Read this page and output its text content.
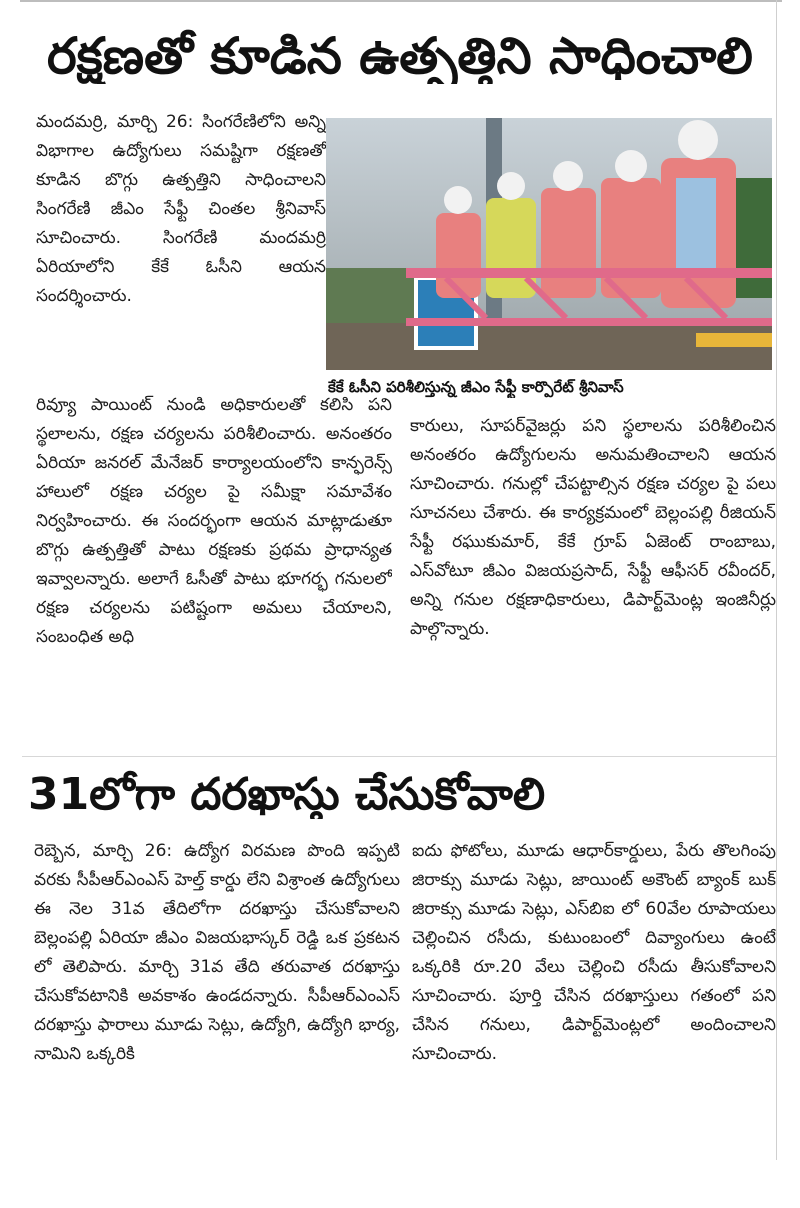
రక్షణతో కూడిన ఉత్పత్తిని సాధించాలి

మందమర్రి, మార్చి 26: సింగరేణిలోని అన్ని విభాగాల ఉద్యోగులు సమష్టిగా రక్షణతో కూడిన బొగ్గు ఉత్పత్తిని సాధించాలని సింగరేణి జీఎం సేఫ్టీ చింతల శ్రీనివాస్ సూచించారు. సింగరేణి మందమర్రి ఏరియాలోని కేకే ఓసీని ఆయన సందర్శించారు.

కేకే ఓసీని పరిశీలిస్తున్న జీఎం సేఫ్టీ కార్పొరేట్ శ్రీనివాస్

రివ్యూ పాయింట్ నుండి అధికారులతో కలిసి పని స్థలాలను, రక్షణ చర్యలను పరిశీలించారు. అనంతరం ఏరియా జనరల్ మేనేజర్ కార్యాలయంలోని కాన్ఫరెన్స్ హాలులో రక్షణ చర్యల పై సమీక్షా సమావేశం నిర్వహించారు. ఈ సందర్భంగా ఆయన మాట్లాడుతూ బొగ్గు ఉత్పత్తితో పాటు రక్షణకు ప్రథమ ప్రాధాన్యత ఇవ్వాలన్నారు. అలాగే ఓసీతో పాటు భూగర్భ గనులలో రక్షణ చర్యలను పటిష్టంగా అమలు చేయాలని, సంబంధిత అధి

కారులు, సూపర్‌వైజర్లు పని స్థలాలను పరిశీలించిన అనంతరం ఉద్యోగులను అనుమతించాలని ఆయన సూచించారు. గనుల్లో చేపట్టాల్సిన రక్షణ చర్యల పై పలు సూచనలు చేశారు. ఈ కార్యక్రమంలో బెల్లంపల్లి రీజియన్ సేఫ్టీ రఘుకుమార్, కేకే గ్రూప్ ఏజెంట్ రాంబాబు, ఎస్‌వోటూ జీఎం విజయప్రసాద్, సేఫ్టీ ఆఫీసర్ రవీందర్, అన్ని గనుల రక్షణాధికారులు, డిపార్ట్‌మెంట్ల ఇంజినీర్లు పాల్గొన్నారు.

31లోగా దరఖాస్తు చేసుకోవాలి

రెబ్బెన, మార్చి 26: ఉద్యోగ విరమణ పొంది ఇప్పటి వరకు సీపీఆర్ఎంఎస్ హెల్త్ కార్డు లేని విశ్రాంత ఉద్యోగులు ఈ నెల 31వ తేదిలోగా దరఖాస్తు చేసుకోవాలని బెల్లంపల్లి ఏరియా జీఎం విజయభాస్కర్ రెడ్డి ఒక ప్రకటన లో తెలిపారు. మార్చి 31వ తేది తరువాత దరఖాస్తు చేసుకోవటానికి అవకాశం ఉండదన్నారు. సీపీఆర్ఎంఎస్ దరఖాస్తు ఫారాలు మూడు సెట్లు, ఉద్యోగి, ఉద్యోగి భార్య, నామిని ఒక్కరికి

ఐదు ఫోటోలు, మూడు ఆధార్‌కార్డులు, పేరు తొలగింపు జిరాక్సు మూడు సెట్లు, జాయింట్ అకౌంట్ బ్యాంక్ బుక్ జిరాక్సు మూడు సెట్లు, ఎస్‌బిఐ లో 60వేల రూపాయలు చెల్లించిన రసీదు, కుటుంబంలో దివ్యాంగులు ఉంటే ఒక్కరికి రూ.20 వేలు చెల్లించి రసీదు తీసుకోవాలని సూచించారు. పూర్తి చేసిన దరఖాస్తులు గతంలో పని చేసిన గనులు, డిపార్ట్‌మెంట్లలో అందించాలని సూచించారు.
